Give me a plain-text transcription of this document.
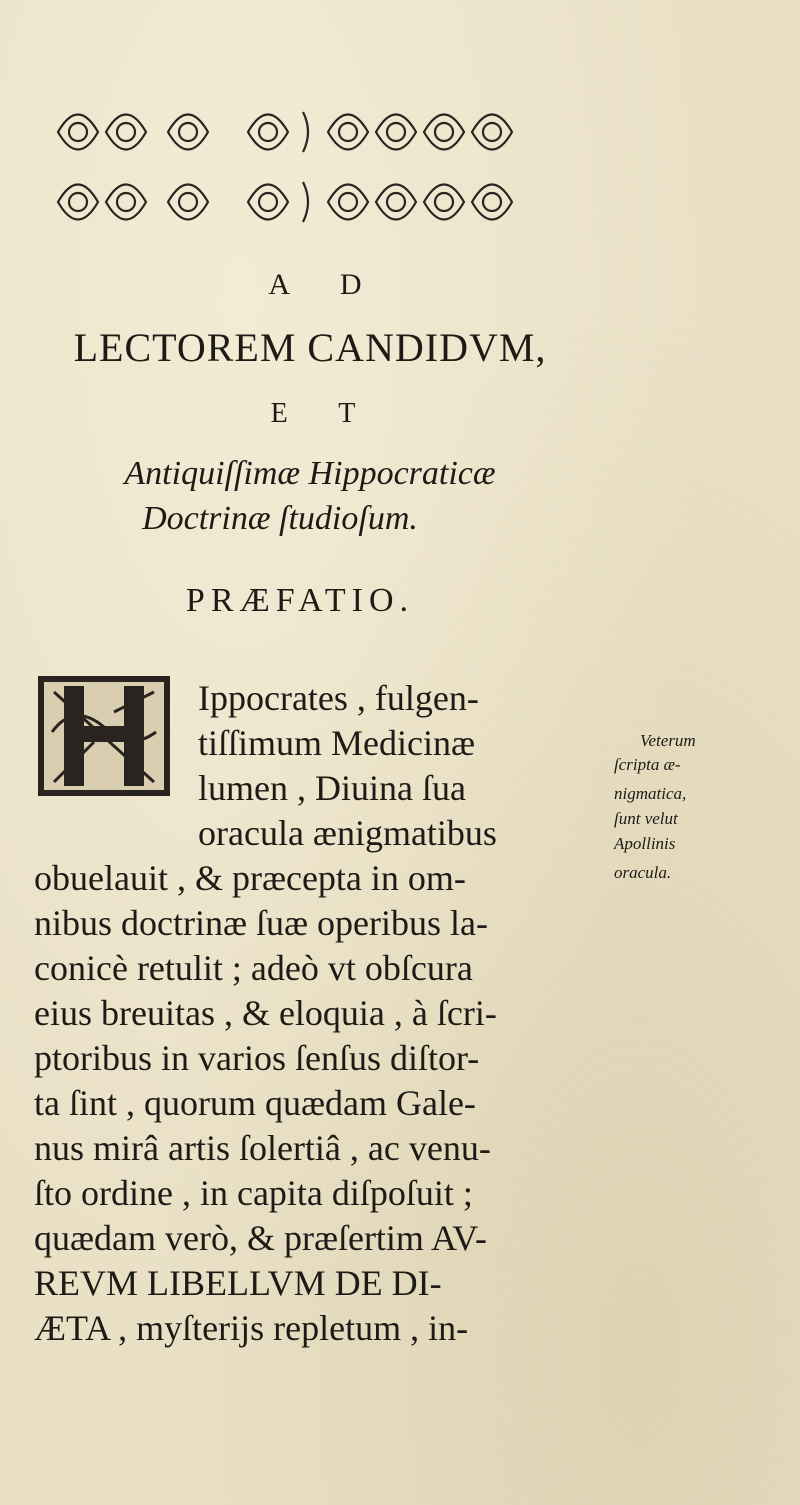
A D
LECTOREM CANDIDVM,
E T
Antiquiſſimæ Hippocraticæ
Doctrinæ ſtudioſum.
PRÆFATIO.
Ippocrates , fulgen-
tiſſimum Medicinæ
lumen , Diuina ſua
oracula ænigmatibus
obuelauit , & præcepta in om-
nibus doctrinæ ſuæ operibus la-
conicè retulit ; adeò vt obſcura
eius breuitas , & eloquia , à ſcri-
ptoribus in varios ſenſus diſtor-
ta ſint , quorum quædam Gale-
nus mirâ artis ſolertiâ , ac venu-
ſto ordine , in capita diſpoſuit ;
quædam verò, & præſertim AV-
REVM LIBELLVM DE DI-
ÆTA , myſterijs repletum , in-
Veterum
ſcripta æ-
nigmatica,
ſunt velut
Apollinis
oracula.
